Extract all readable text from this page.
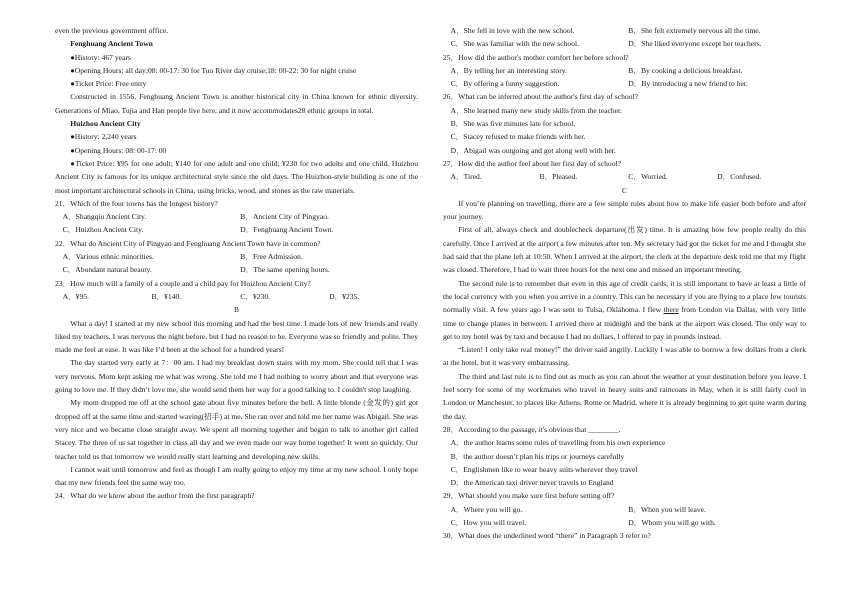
even the previous government office.

Fenghuang Ancient Town

●History: 467 years

●Opening Hours: all day;08: 00-17: 30 for Tuo River day cruise;18: 00-22: 30 for night cruise

●Ticket Price: Free entry

Constructed in 1556, Fenghuang Ancient Town is another historical city in China known for ethnic diversity. Generations of Miao, Tujia and Han people live here, and it now accommodates28 ethnic groups in total.

Huizhou Ancient City

●History: 2,240 years

●Opening Hours: 08: 00-17: 00

●Ticket Price: ¥95 for one adult; ¥140 for one adult and one child; ¥230 for two adults and one child. Huizhou Ancient City is famous for its unique architectural style since the old days. The Huizhou-style building is one of the most important architectural schools in China, using bricks, wood, and stones as the raw materials.

21．Which of the four towns has the longest history?

A．Shangqiu Ancient City.	B．Ancient City of Pingyao.
C．Huizhou Ancient City.	D．Fenghuang Ancient Town.

22．What do Ancient City of Pingyao and Fenghuang Ancient Town have in common?

A．Various ethnic minorities.	B．Free Admission.
C．Abundant natural beauty.	D．The same opening hours.

23．How much will a family of a couple and a child pay for Huizhou Ancient City?

A．¥95.	B．¥140.	C．¥230.	D．¥235.

B

What a day! I started at my new school this morning and had the best time. I made lots of new friends and really liked my teachers. I was nervous the night before, but I had no reason to be. Everyone was so friendly and polite. They made me feel at ease. It was like I’d been at the school for a hundred years!

The day started very early at 7：00 am. I had my breakfast down stairs with my mom. She could tell that I was very nervous. Mom kept asking me what was wrong. She told me I had nothing to worry about and that everyone was going to love me. If they didn’t love me, she would send them her way for a good talking to. I couldn't stop laughing.

My mom dropped me off at the school gate about five minutes before the bell. A little blonde (金发的) girl got dropped off at the same time and started waving(招手) at me. She ran over and told me her name was Abigail. She was very nice and we became close straight away. We spent all morning together and began to talk to another girl called Stacey. The three of us sat together in class all day and we even made our way home together! It went so quickly. Our teacher told us that tomorrow we would really start learning and developing new skills.

I cannot wait until tomorrow and feel as though I am really going to enjoy my time at my new school. I only hope that my new friends feel the same way too.

24．What do we know about the author from the first paragraph?

A．She fell in love with the new school.	B．She felt extremely nervous all the time.
C．She was familiar with the new school.	D．She liked everyone except her teachers.

25．How did the author's mother comfort her before school?

A．By telling her an interesting story.	B．By cooking a delicious breakfast.
C．By offering a funny suggestion.	D．By introducing a new friend to her.

26．What can be inferred about the author's first day of school?

A．She learned many new study skills from the teacher.

B．She was five minutes late for school.

C．Stacey refused to make friends with her.

D．Abigail was outgoing and got along well with her.

27．How did the author feel about her first day of school?

A．Tired.	B．Pleased.	C．Worried.	D．Confused.

C

If you’re planning on travelling, there are a few simple rules about how to make life easier both before and after your journey.

First of all, always check and doublecheck departure(出发) time. It is amazing how few people really do this carefully. Once I arrived at the airport a few minutes after ten. My secretary had got the ticket for me and I thought she had said that the plane left at 10:50. When I arrived at the airport, the clerk at the departure desk told me that my flight was closed. Therefore, I had to wait three hours for the next one and missed an important meeting.

The second rule is to remember that even in this age of credit cards, it is still important to have at least a little of the local currency with you when you arrive in a country. This can be necessary if you are flying to a place few tourists normally visit. A few years ago I was sent to Tulsa, Oklahoma. I flew there from London via Dallas, with very little time to change planes in between. I arrived there at midnight and the bank at the airport was closed. The only way to get to my hotel was by taxi and because I had no dollars, I offered to pay in pounds instead.

“Listen! I only take real money!” the driver said angrily. Luckily I was able to borrow a few dollars from a clerk at the hotel, but it was very embarrassing.

The third and last rule is to find out as much as you can about the weather at your destination before you leave. I feel sorry for some of my workmates who travel in heavy suits and raincoats in May, when it is still fairly cool in London or Manchester, to places like Athens, Rome or Madrid, where it is already beginning to get quite warm during the day.

28．According to the passage, it's obvious that ________.

A．the author learns some rules of travelling from his own experience

B．the author doesn’t plan his trips or journeys carefully

C．Englishmen like to wear heavy suits wherever they travel

D．the American taxi driver never travels to England

29．What should you make sure first before setting off?

A．Where you will go.	B．When you will leave.
C．How you will travel.	D．Whom you will go with.

30．What does the underlined word “there” in Paragraph 3 refer to?
